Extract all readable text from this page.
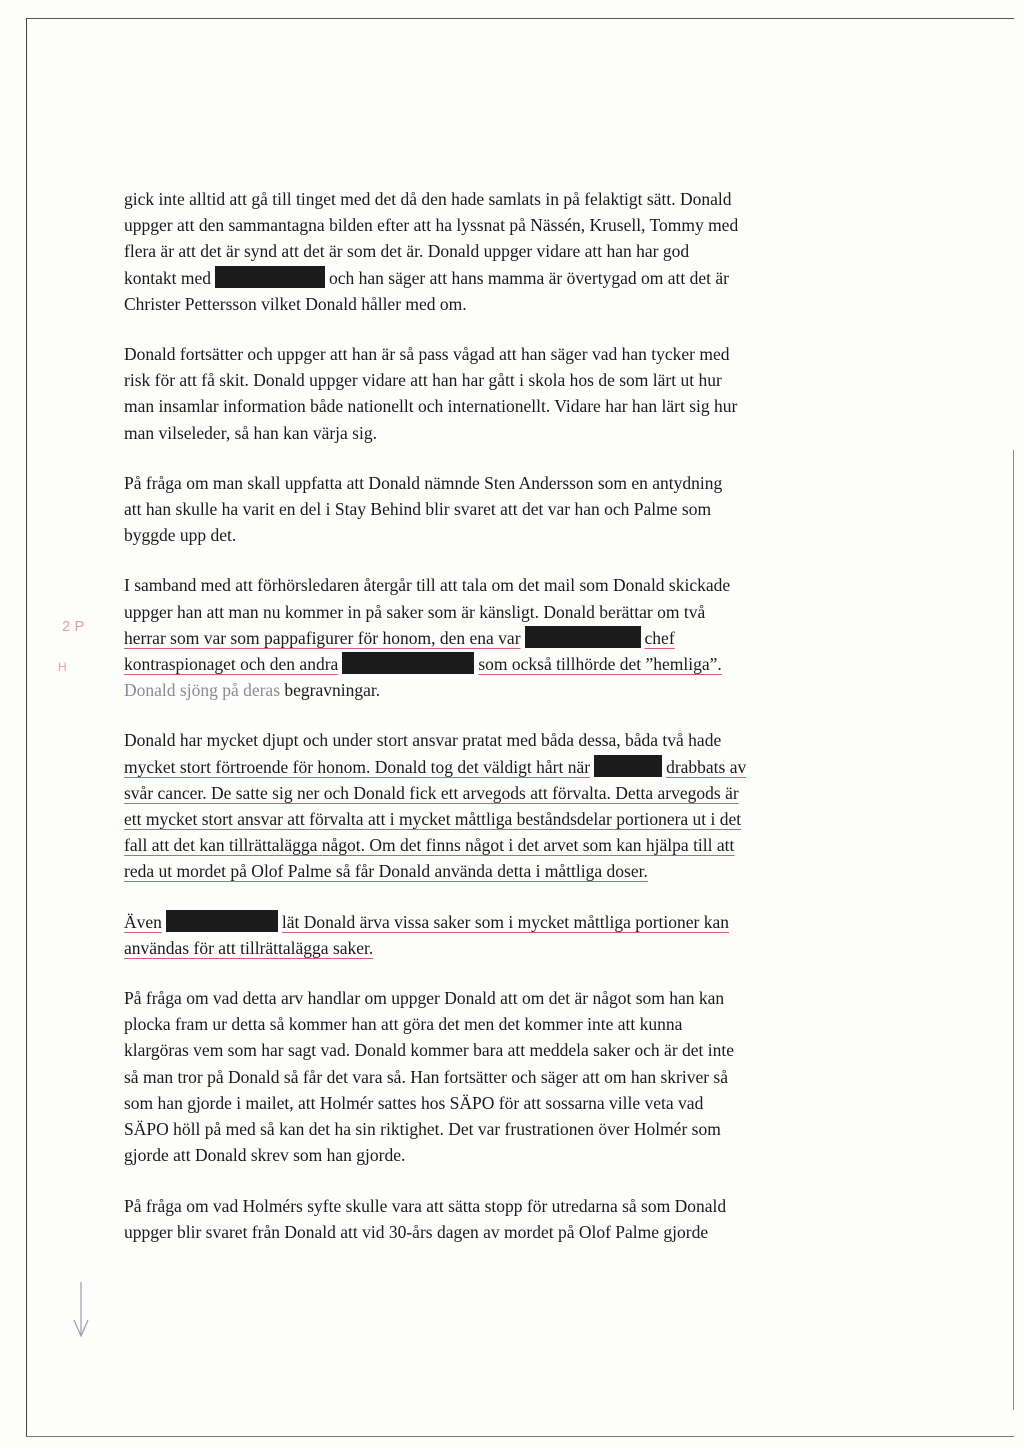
2 P
H

gick inte alltid att gå till tinget med det då den hade samlats in på felaktigt sätt. Donald
uppger att den sammantagna bilden efter att ha lyssnat på Nässén, Krusell, Tommy med
flera är att det är synd att det är som det är. Donald uppger vidare att han har god
kontakt med	och han säger att hans mamma är övertygad om att det är
Christer Pettersson vilket Donald håller med om.

Donald fortsätter och uppger att han är så pass vågad att han säger vad han tycker med
risk för att få skit. Donald uppger vidare att han har gått i skola hos de som lärt ut hur
man insamlar information både nationellt och internationellt. Vidare har han lärt sig hur
man vilseleder, så han kan värja sig.

På fråga om man skall uppfatta att Donald nämnde Sten Andersson som en antydning
att han skulle ha varit en del i Stay Behind blir svaret att det var han och Palme som
byggde upp det.

I samband med att förhörsledaren återgår till att tala om det mail som Donald skickade
uppger han att man nu kommer in på saker som är känsligt. Donald berättar om två
herrar som var som pappafigurer för honom, den ena var	chef
kontraspionaget och den andra	som också tillhörde det ”hemliga”.
Donald sjöng på deras begravningar.

Donald har mycket djupt och under stort ansvar pratat med båda dessa, båda två hade
mycket stort förtroende för honom. Donald tog det väldigt hårt när	drabbats av
svår cancer. De satte sig ner och Donald fick ett arvegods att förvalta. Detta arvegods är
ett mycket stort ansvar att förvalta att i mycket måttliga beståndsdelar portionera ut i det
fall att det kan tillrättalägga något. Om det finns något i det arvet som kan hjälpa till att
reda ut mordet på Olof Palme så får Donald använda detta i måttliga doser.

Även	lät Donald ärva vissa saker som i mycket måttliga portioner kan
användas för att tillrättalägga saker.

På fråga om vad detta arv handlar om uppger Donald att om det är något som han kan
plocka fram ur detta så kommer han att göra det men det kommer inte att kunna
klargöras vem som har sagt vad. Donald kommer bara att meddela saker och är det inte
så man tror på Donald så får det vara så. Han fortsätter och säger att om han skriver så
som han gjorde i mailet, att Holmér sattes hos SÄPO för att sossarna ville veta vad
SÄPO höll på med så kan det ha sin riktighet. Det var frustrationen över Holmér som
gjorde att Donald skrev som han gjorde.

På fråga om vad Holmérs syfte skulle vara att sätta stopp för utredarna så som Donald
uppger blir svaret från Donald att vid 30-års dagen av mordet på Olof Palme gjorde
